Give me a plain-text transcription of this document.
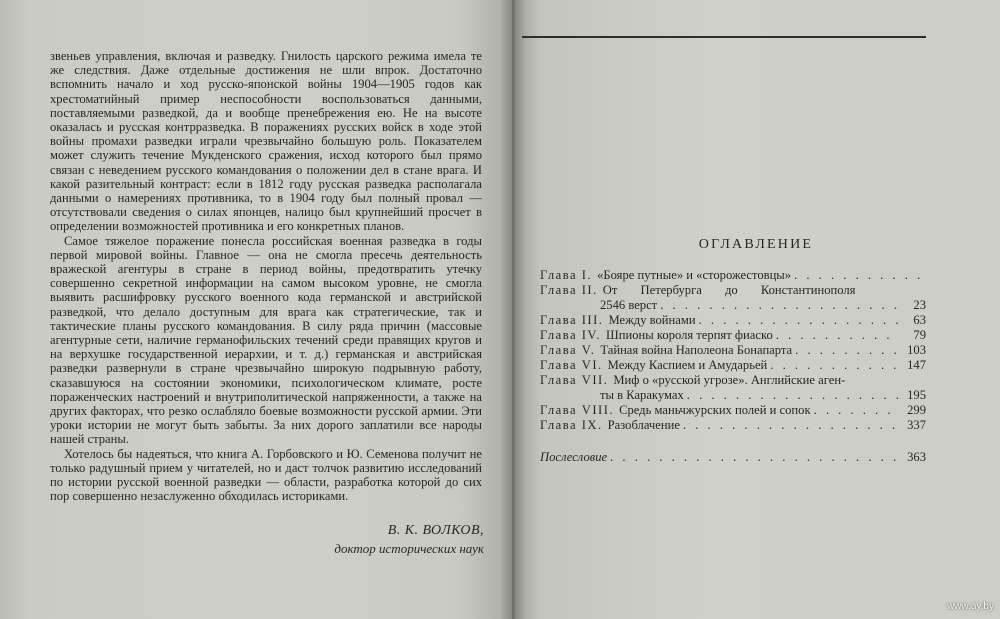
звеньев управления, включая и разведку. Гнилость царского режима имела те же следствия. Даже отдельные достижения не шли впрок. Достаточно вспомнить начало и ход русско-японской войны 1904—1905 годов как хрестоматийный пример неспособности воспользоваться данными, поставляемыми разведкой, да и вообще пренебрежения ею. Не на высоте оказалась и русская контрразведка. В поражениях русских войск в ходе этой войны промахи разведки играли чрезвычайно большую роль. Показателем может служить течение Мукденского сражения, исход которого был прямо связан с неведением русского командования о положении дел в стане врага. И какой разительный контраст: если в 1812 году русская разведка располагала данными о намерениях противника, то в 1904 году был полный провал — отсутствовали сведения о силах японцев, налицо был крупнейший просчет в определении возможностей противника и его конкретных планов.

Самое тяжелое поражение понесла российская военная разведка в годы первой мировой войны. Главное — она не смогла пресечь деятельность вражеской агентуры в стране в период войны, предотвратить утечку совершенно секретной информации на самом высоком уровне, не смогла выявить расшифровку русского военного кода германской и австрийской разведкой, что делало доступным для врага как стратегические, так и тактические планы русского командования. В силу ряда причин (массовые агентурные сети, наличие германофильских течений среди правящих кругов и на верхушке государственной иерархии, и т. д.) германская и австрийская разведки развернули в стране чрезвычайно широкую подрывную работу, сказавшуюся на состоянии экономики, психологическом климате, росте пораженческих настроений и внутриполитической напряженности, а также на других факторах, что резко ослабляло боевые возможности русской армии. Эти уроки истории не могут быть забыты. За них дорого заплатили все народы нашей страны.

Хотелось бы надеяться, что книга А. Горбовского и Ю. Семенова получит не только радушный прием у читателей, но и даст толчок развитию исследований по истории русской военной разведки — области, разработка которой до сих пор совершенно незаслуженно обходилась историками.

В. К. ВОЛКОВ,
доктор исторических наук
ОГЛАВЛЕНИЕ
Глава I. «Бояре путные» и «сторожестовцы»
. . .
Глава II. От Петербурга до Константинополя
2546 верст . . .	23
Глава III. Между войнами . . .	63
Глава IV. Шпионы короля терпят фиаско . . .	79
Глава V. Тайная война Наполеона Бонапарта . . .	103
Глава VI. Между Каспием и Амударьей . . .	147
Глава VII. Миф о «русской угрозе». Английские аген-
ты в Каракумах . . .	195
Глава VIII. Средь маньчжурских полей и сопок . . .	299
Глава IX. Разоблачение . . .	337
Послесловие . . .	363
www.ay.by
